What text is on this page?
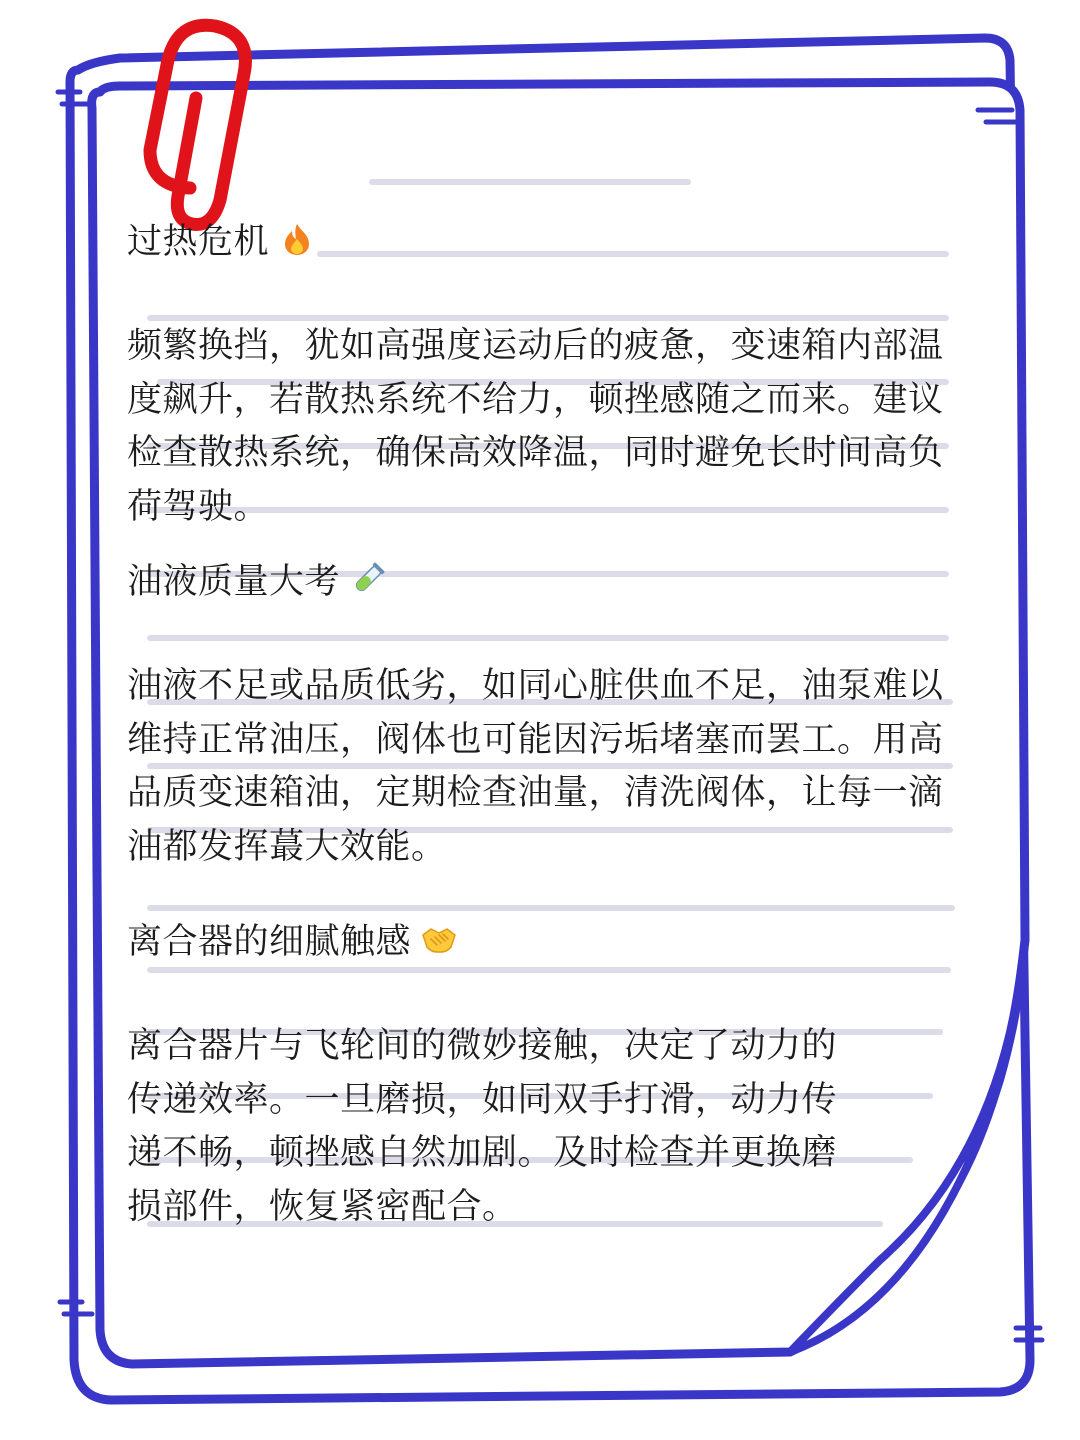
过热危机
频繁换挡，犹如高强度运动后的疲惫，变速箱内部温
度飙升，若散热系统不给力，顿挫感随之而来。建议
检查散热系统，确保高效降温，同时避免长时间高负
荷驾驶。
油液质量大考
油液不足或品质低劣，如同心脏供血不足，油泵难以
维持正常油压，阀体也可能因污垢堵塞而罢工。用高
品质变速箱油，定期检查油量，清洗阀体，让每一滴
油都发挥蕞大效能。
离合器的细腻触感
离合器片与飞轮间的微妙接触，决定了动力的
传递效率。一旦磨损，如同双手打滑，动力传
递不畅，顿挫感自然加剧。及时检查并更换磨
损部件，恢复紧密配合。
